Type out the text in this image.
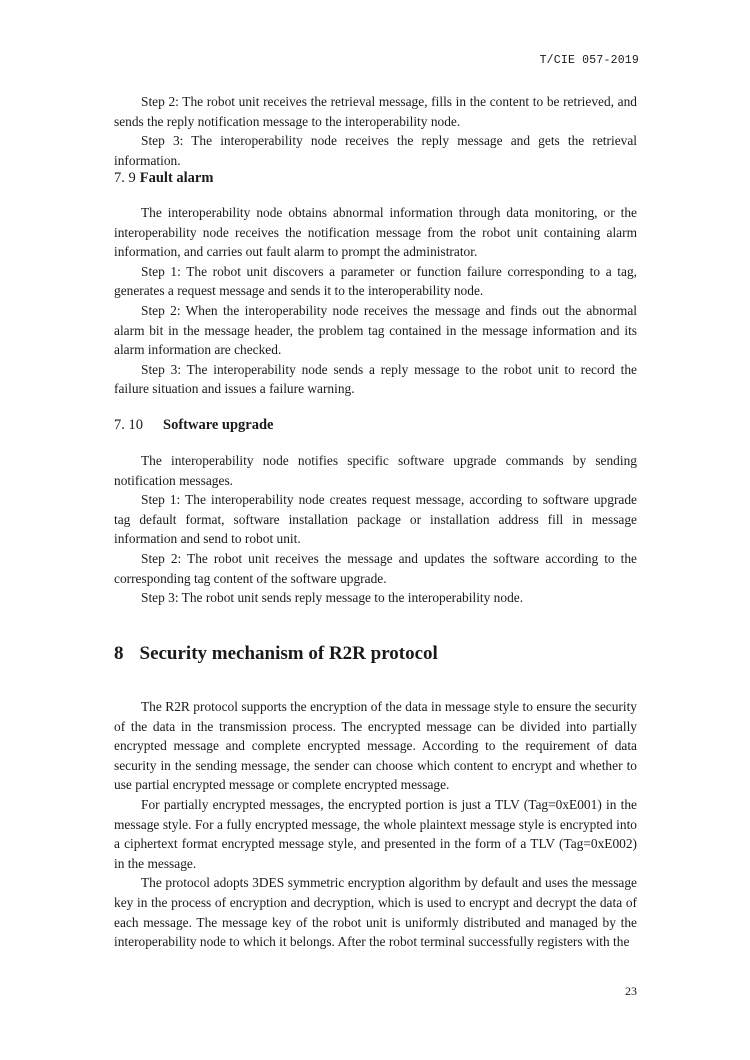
T/CIE 057-2019

Step 2: The robot unit receives the retrieval message, fills in the content to be retrieved, and sends the reply notification message to the interoperability node.

Step 3: The interoperability node receives the reply message and gets the retrieval information.

7. 9 Fault alarm

The interoperability node obtains abnormal information through data monitoring, or the interoperability node receives the notification message from the robot unit containing alarm information, and carries out fault alarm to prompt the administrator.

Step 1: The robot unit discovers a parameter or function failure corresponding to a tag, generates a request message and sends it to the interoperability node.

Step 2: When the interoperability node receives the message and finds out the abnormal alarm bit in the message header, the problem tag contained in the message information and its alarm information are checked.

Step 3: The interoperability node sends a reply message to the robot unit to record the failure situation and issues a failure warning.

7. 10 Software upgrade

The interoperability node notifies specific software upgrade commands by sending notification messages.

Step 1: The interoperability node creates request message, according to software upgrade tag default format, software installation package or installation address fill in message information and send to robot unit.

Step 2: The robot unit receives the message and updates the software according to the corresponding tag content of the software upgrade.

Step 3: The robot unit sends reply message to the interoperability node.

8 Security mechanism of R2R protocol

The R2R protocol supports the encryption of the data in message style to ensure the security of the data in the transmission process. The encrypted message can be divided into partially encrypted message and complete encrypted message. According to the requirement of data security in the sending message, the sender can choose which content to encrypt and whether to use partial encrypted message or complete encrypted message.

For partially encrypted messages, the encrypted portion is just a TLV (Tag=0xE001) in the message style. For a fully encrypted message, the whole plaintext message style is encrypted into a ciphertext format encrypted message style, and presented in the form of a TLV (Tag=0xE002) in the message.

The protocol adopts 3DES symmetric encryption algorithm by default and uses the message key in the process of encryption and decryption, which is used to encrypt and decrypt the data of each message. The message key of the robot unit is uniformly distributed and managed by the interoperability node to which it belongs. After the robot terminal successfully registers with the

23
